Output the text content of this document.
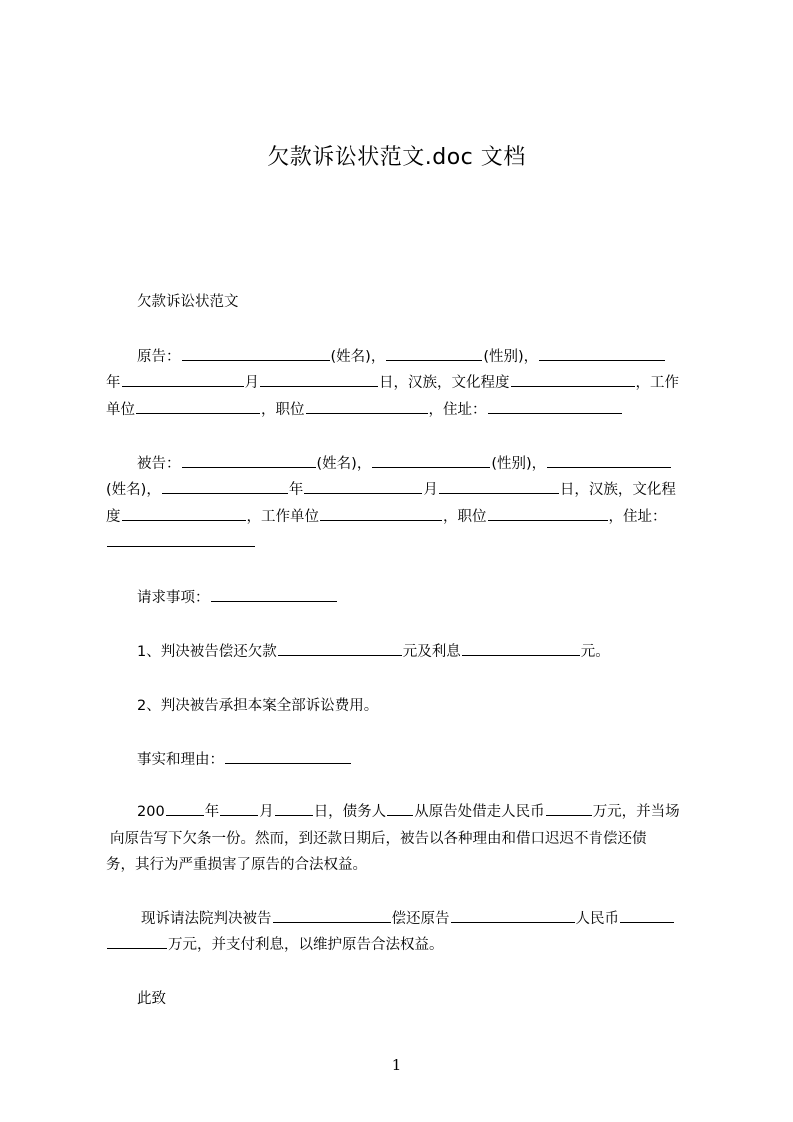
欠款诉讼状范文.doc 文档
欠款诉讼状范文
原告：	(姓名)，	(性别)，
年	月	日，汉族，文化程度	，工作
单位	，职位	，住址：
被告：	(姓名)，	(性别)，
(姓名)，	年	月	日，汉族，文化程
度	，工作单位	，职位	，住址：
请求事项：
1、判决被告偿还欠款	元及利息	元。
2、判决被告承担本案全部诉讼费用。
事实和理由：
200	年	月	日，债务人 从原告处借走人民币	万元，并当场
向原告写下欠条一份。然而，到还款日期后，被告以各种理由和借口迟迟不肯偿还债
务，其行为严重损害了原告的合法权益。
现诉请法院判决被告	偿还原告	人民币
万元，并支付利息，以维护原告合法权益。
此致
1
